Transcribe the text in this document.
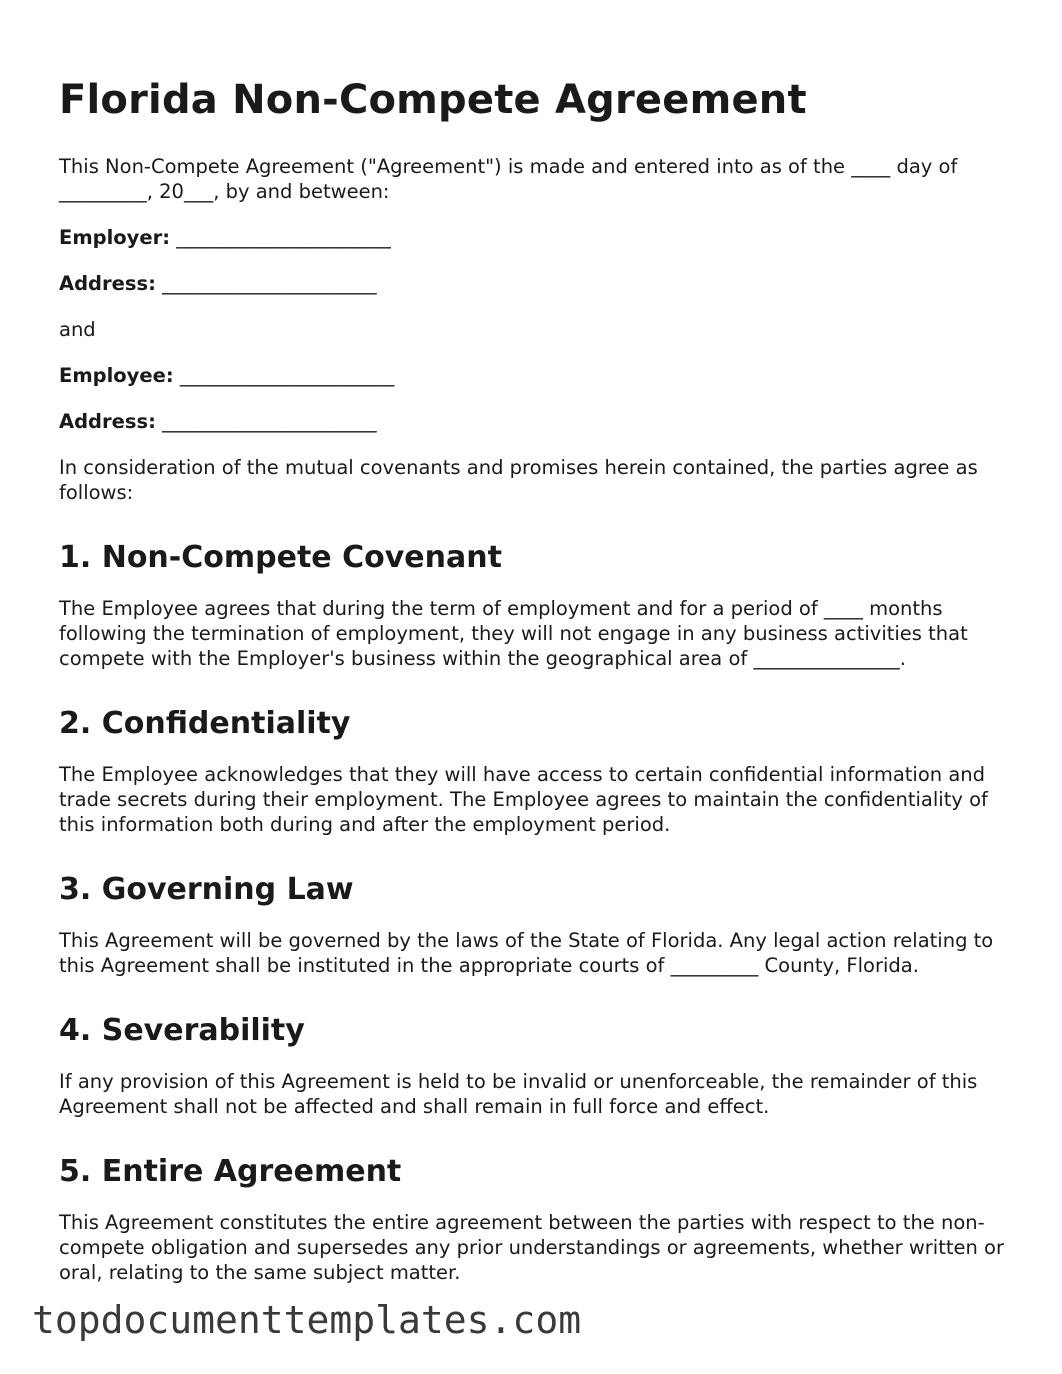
Florida Non-Compete Agreement

This Non-Compete Agreement ("Agreement") is made and entered into as of the ____ day of _________, 20___, by and between:

Employer: ______________________
Address: ______________________

and

Employee: ______________________
Address: ______________________

In consideration of the mutual covenants and promises herein contained, the parties agree as follows:

1. Non-Compete Covenant

The Employee agrees that during the term of employment and for a period of ____ months following the termination of employment, they will not engage in any business activities that compete with the Employer's business within the geographical area of _______________.

2. Confidentiality

The Employee acknowledges that they will have access to certain confidential information and trade secrets during their employment. The Employee agrees to maintain the confidentiality of this information both during and after the employment period.

3. Governing Law

This Agreement will be governed by the laws of the State of Florida. Any legal action relating to this Agreement shall be instituted in the appropriate courts of _________ County, Florida.

4. Severability

If any provision of this Agreement is held to be invalid or unenforceable, the remainder of this Agreement shall not be affected and shall remain in full force and effect.

5. Entire Agreement

This Agreement constitutes the entire agreement between the parties with respect to the non-compete obligation and supersedes any prior understandings or agreements, whether written or oral, relating to the same subject matter.

topdocumenttemplates.com
